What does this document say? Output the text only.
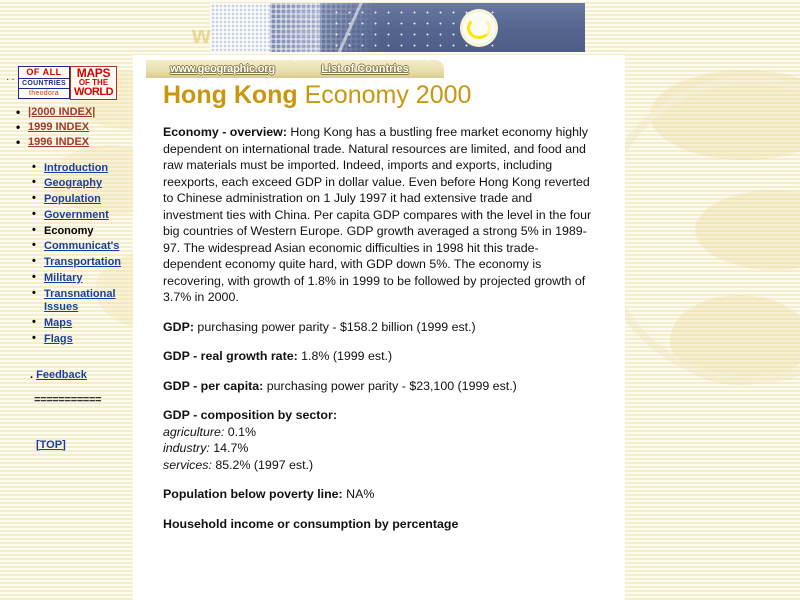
w
··
OF ALL
COUNTRIES
theodora
MAPS
OF THE
WORLD
• |2000 INDEX|
• 1999 INDEX
• 1996 INDEX
• Introduction
• Geography
• Population
• Government
• Economy
• Communicat's
• Transportation
• Military
• Transnational Issues
• Maps
• Flags
. Feedback
===========
[TOP]
www.geographic.org	List of Countries
Hong Kong Economy 2000

Economy - overview: Hong Kong has a bustling free market economy highly dependent on international trade. Natural resources are limited, and food and raw materials must be imported. Indeed, imports and exports, including reexports, each exceed GDP in dollar value. Even before Hong Kong reverted to Chinese administration on 1 July 1997 it had extensive trade and investment ties with China. Per capita GDP compares with the level in the four big countries of Western Europe. GDP growth averaged a strong 5% in 1989-97. The widespread Asian economic difficulties in 1998 hit this trade-dependent economy quite hard, with GDP down 5%. The economy is recovering, with growth of 1.8% in 1999 to be followed by projected growth of 3.7% in 2000.

GDP: purchasing power parity - $158.2 billion (1999 est.)

GDP - real growth rate: 1.8% (1999 est.)

GDP - per capita: purchasing power parity - $23,100 (1999 est.)

GDP - composition by sector:
agriculture: 0.1%
industry: 14.7%
services: 85.2% (1997 est.)

Population below poverty line: NA%

Household income or consumption by percentage
